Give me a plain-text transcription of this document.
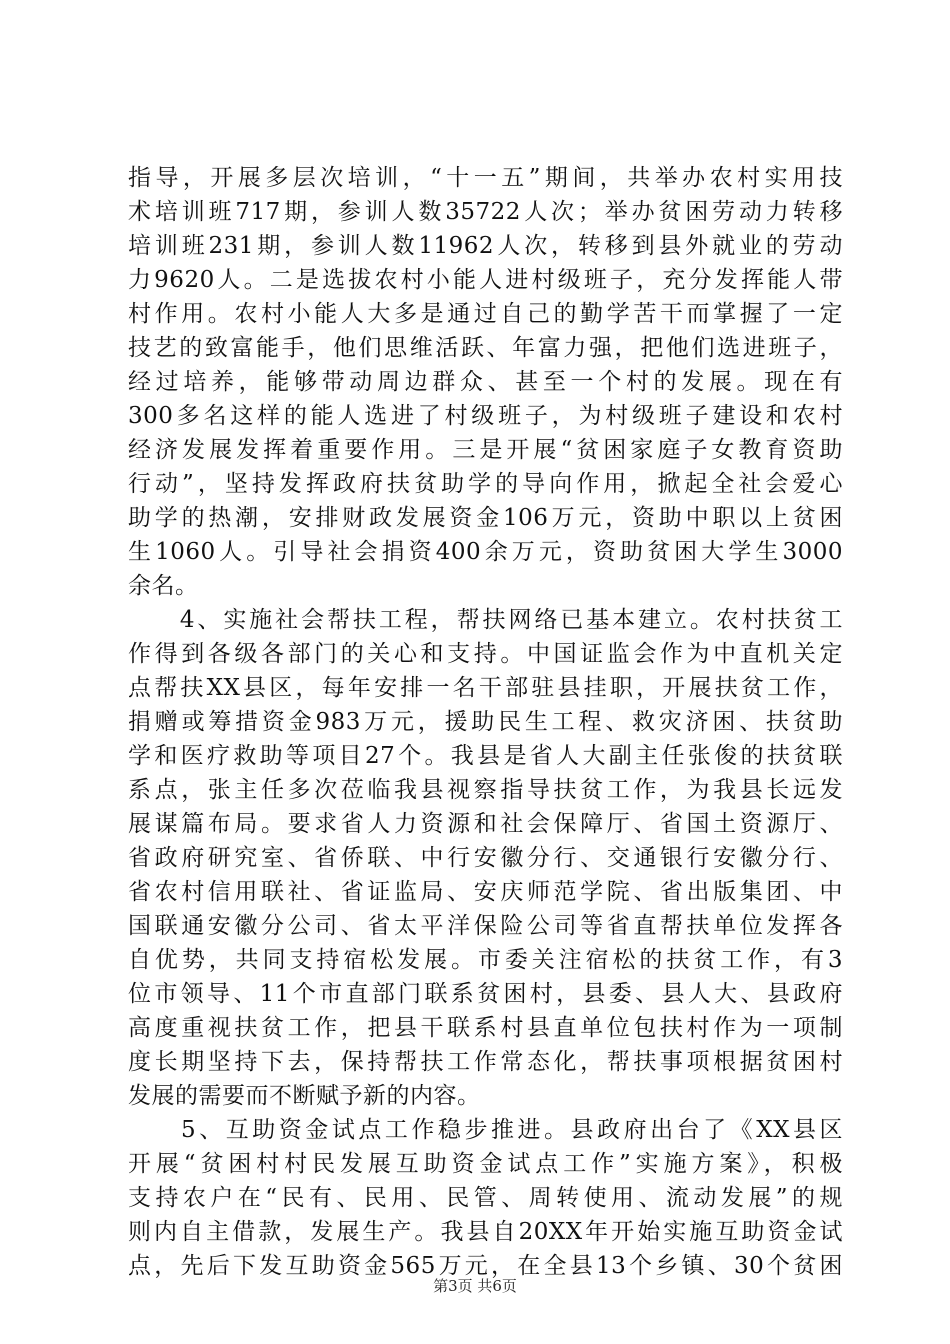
指导，开展多层次培训，“十一五”期间，共举办农村实用技
术培训班717期，参训人数35722人次；举办贫困劳动力转移
培训班231期，参训人数11962人次，转移到县外就业的劳动
力9620人。二是选拔农村小能人进村级班子，充分发挥能人带
村作用。农村小能人大多是通过自己的勤学苦干而掌握了一定
技艺的致富能手，他们思维活跃、年富力强，把他们选进班子，
经过培养，能够带动周边群众、甚至一个村的发展。现在有
300多名这样的能人选进了村级班子，为村级班子建设和农村
经济发展发挥着重要作用。三是开展“贫困家庭子女教育资助
行动”，坚持发挥政府扶贫助学的导向作用，掀起全社会爱心
助学的热潮，安排财政发展资金106万元，资助中职以上贫困
生1060人。引导社会捐资400余万元，资助贫困大学生3000
余名。
　　4、实施社会帮扶工程，帮扶网络已基本建立。农村扶贫工
作得到各级各部门的关心和支持。中国证监会作为中直机关定
点帮扶XX县区，每年安排一名干部驻县挂职，开展扶贫工作，
捐赠或筹措资金983万元，援助民生工程、救灾济困、扶贫助
学和医疗救助等项目27个。我县是省人大副主任张俊的扶贫联
系点，张主任多次莅临我县视察指导扶贫工作，为我县长远发
展谋篇布局。要求省人力资源和社会保障厅、省国土资源厅、
省政府研究室、省侨联、中行安徽分行、交通银行安徽分行、
省农村信用联社、省证监局、安庆师范学院、省出版集团、中
国联通安徽分公司、省太平洋保险公司等省直帮扶单位发挥各
自优势，共同支持宿松发展。市委关注宿松的扶贫工作，有3
位市领导、11个市直部门联系贫困村，县委、县人大、县政府
高度重视扶贫工作，把县干联系村县直单位包扶村作为一项制
度长期坚持下去，保持帮扶工作常态化，帮扶事项根据贫困村
发展的需要而不断赋予新的内容。
　　5、互助资金试点工作稳步推进。县政府出台了《XX县区
开展“贫困村村民发展互助资金试点工作”实施方案》，积极
支持农户在“民有、民用、民管、周转使用、流动发展”的规
则内自主借款，发展生产。我县自20XX年开始实施互助资金试
点，先后下发互助资金565万元，在全县13个乡镇、30个贫困
第3页 共6页
